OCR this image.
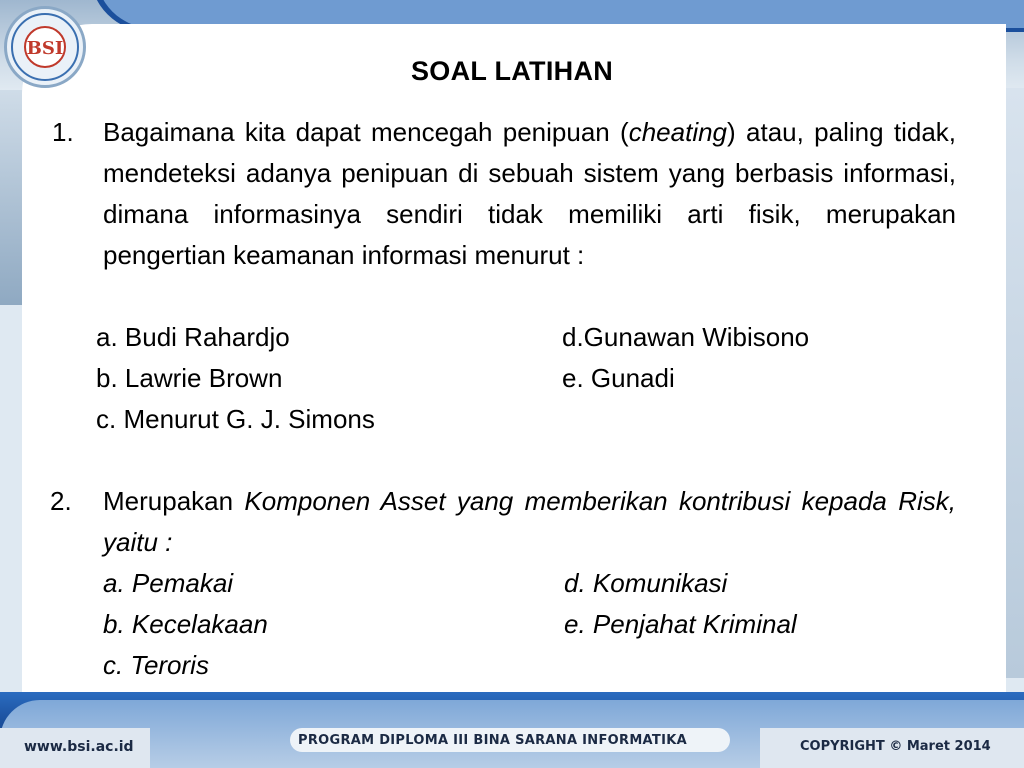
BSI
SOAL LATIHAN
1. Bagaimana kita dapat mencegah penipuan (cheating) atau, paling tidak, mendeteksi adanya penipuan di sebuah sistem yang berbasis informasi, dimana informasinya sendiri tidak memiliki arti fisik, merupakan pengertian keamanan informasi menurut :
a. Budi Rahardjo
b. Lawrie Brown
c. Menurut G. J. Simons
d.Gunawan Wibisono
e. Gunadi
2. Merupakan Komponen Asset yang memberikan kontribusi kepada Risk, yaitu :
a. Pemakai
b. Kecelakaan
c. Teroris
d. Komunikasi
e. Penjahat Kriminal
www.bsi.ac.id	PROGRAM DIPLOMA III BINA SARANA INFORMATIKA	COPYRIGHT © Maret 2014
